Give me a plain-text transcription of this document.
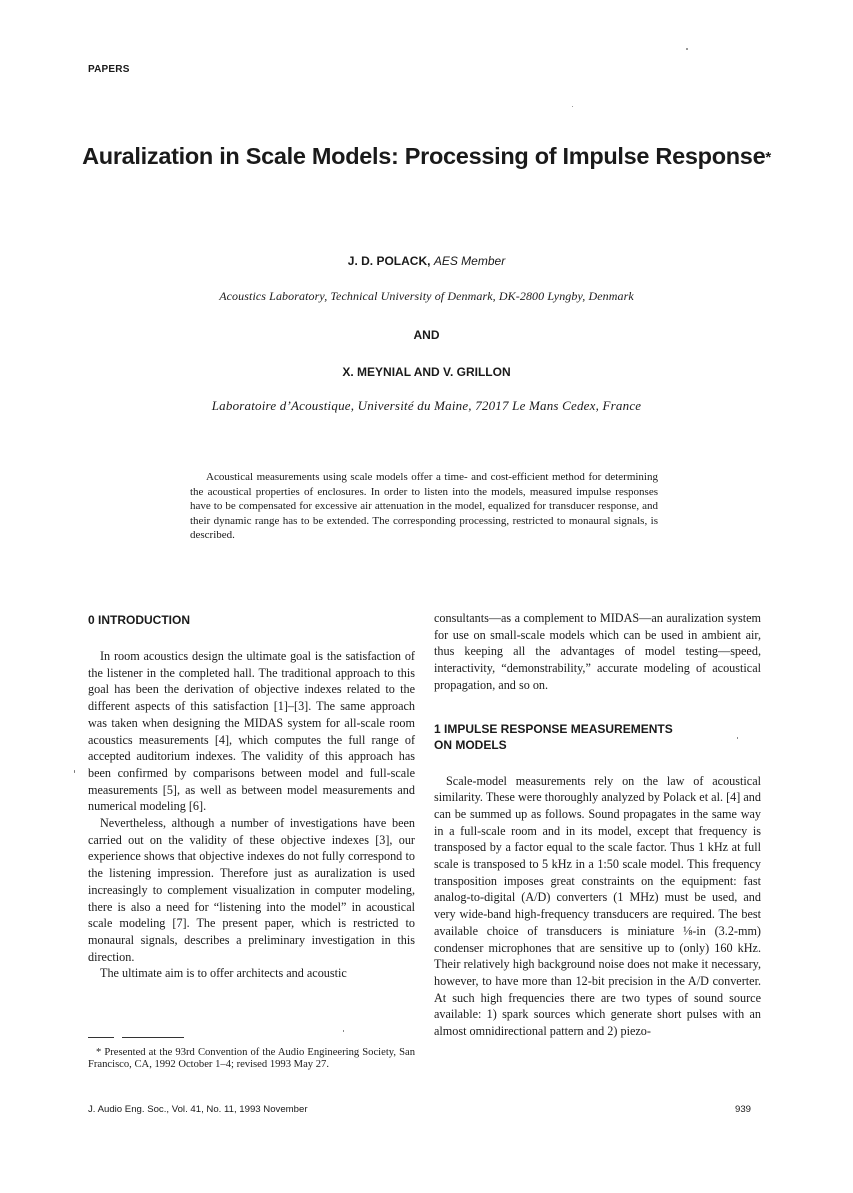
PAPERS
Auralization in Scale Models: Processing of Impulse Response*
J. D. POLACK, AES Member
Acoustics Laboratory, Technical University of Denmark, DK-2800 Lyngby, Denmark
AND
X. MEYNIAL AND V. GRILLON
Laboratoire d’Acoustique, Université du Maine, 72017 Le Mans Cedex, France

Acoustical measurements using scale models offer a time- and cost-efficient method for determining the acoustical properties of enclosures. In order to listen into the models, measured impulse responses have to be compensated for excessive air attenuation in the model, equalized for transducer response, and their dynamic range has to be extended. The corresponding processing, restricted to monaural signals, is described.

0 INTRODUCTION

In room acoustics design the ultimate goal is the satisfaction of the listener in the completed hall. The traditional approach to this goal has been the derivation of objective indexes related to the different aspects of this satisfaction [1]–[3]. The same approach was taken when designing the MIDAS system for all-scale room acoustics measurements [4], which computes the full range of accepted auditorium indexes. The validity of this approach has been confirmed by comparisons between model and full-scale measurements [5], as well as between model measurements and numerical modeling [6].

Nevertheless, although a number of investigations have been carried out on the validity of these objective indexes [3], our experience shows that objective indexes do not fully correspond to the listening impression. Therefore just as auralization is used increasingly to complement visualization in computer modeling, there is also a need for “listening into the model” in acoustical scale modeling [7]. The present paper, which is restricted to monaural signals, describes a preliminary investigation in this direction.

The ultimate aim is to offer architects and acoustic

consultants—as a complement to MIDAS—an auralization system for use on small-scale models which can be used in ambient air, thus keeping all the advantages of model testing—speed, interactivity, “demonstrability,” accurate modeling of acoustical propagation, and so on.

1 IMPULSE RESPONSE MEASUREMENTS
ON MODELS

Scale-model measurements rely on the law of acoustical similarity. These were thoroughly analyzed by Polack et al. [4] and can be summed up as follows. Sound propagates in the same way in a full-scale room and in its model, except that frequency is transposed by a factor equal to the scale factor. Thus 1 kHz at full scale is transposed to 5 kHz in a 1:50 scale model. This frequency transposition imposes great constraints on the equipment: fast analog-to-digital (A/D) converters (1 MHz) must be used, and very wide-band high-frequency transducers are required. The best available choice of transducers is miniature ⅛-in (3.2-mm) condenser microphones that are sensitive up to (only) 160 kHz. Their relatively high background noise does not make it necessary, however, to have more than 12-bit precision in the A/D converter. At such high frequencies there are two types of sound source available: 1) spark sources which generate short pulses with an almost omnidirectional pattern and 2) piezo-

* Presented at the 93rd Convention of the Audio Engineering Society, San Francisco, CA, 1992 October 1–4; revised 1993 May 27.

J. Audio Eng. Soc., Vol. 41, No. 11, 1993 November	939
